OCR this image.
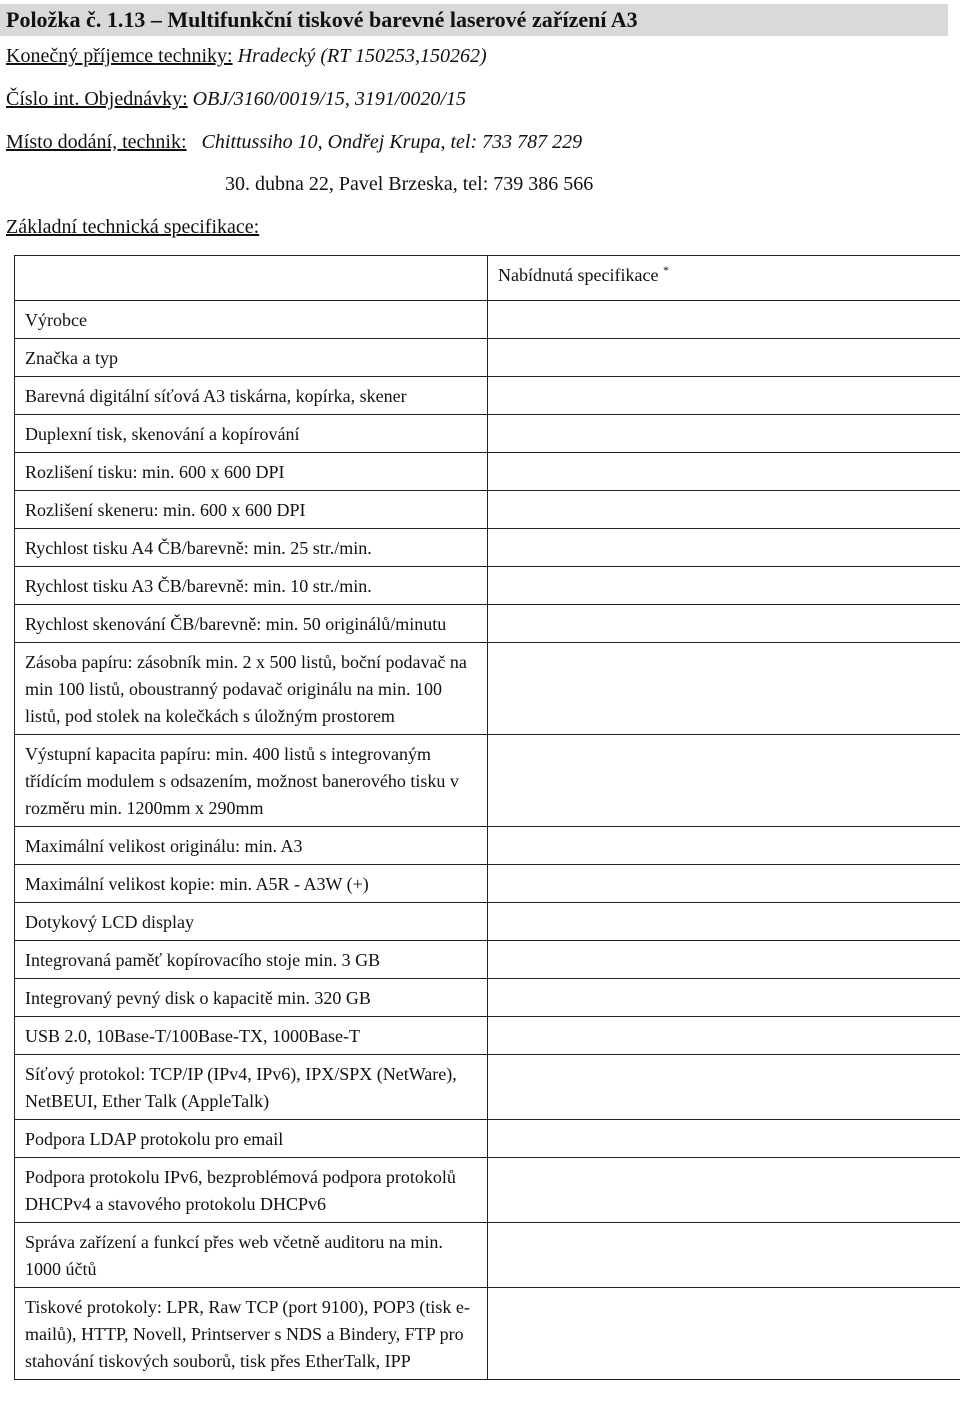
Položka č. 1.13 – Multifunkční tiskové barevné laserové zařízení A3
Konečný příjemce techniky: Hradecký (RT 150253,150262)
Číslo int. Objednávky: OBJ/3160/0019/15, 3191/0020/15
Místo dodání, technik: Chittussiho 10, Ondřej Krupa, tel: 733 787 229
30. dubna 22, Pavel Brzeska, tel: 739 386 566
Základní technická specifikace:
	Nabídnutá specifikace *
Výrobce	
Značka a typ	
Barevná digitální síťová A3 tiskárna, kopírka, skener	
Duplexní tisk, skenování a kopírování	
Rozlišení tisku: min. 600 x 600 DPI	
Rozlišení skeneru: min. 600 x 600 DPI	
Rychlost tisku A4 ČB/barevně: min. 25 str./min.	
Rychlost tisku A3 ČB/barevně: min. 10 str./min.	
Rychlost skenování ČB/barevně: min. 50 originálů/minutu	
Zásoba papíru: zásobník min. 2 x 500 listů, boční podavač na min 100 listů, oboustranný podavač originálu na min. 100 listů, pod stolek na kolečkách s úložným prostorem	
Výstupní kapacita papíru: min. 400 listů s integrovaným třídícím modulem s odsazením, možnost banerového tisku v rozměru min. 1200mm x 290mm	
Maximální velikost originálu: min. A3	
Maximální velikost kopie: min. A5R - A3W (+)	
Dotykový LCD display	
Integrovaná paměť kopírovacího stoje min. 3 GB	
Integrovaný pevný disk o kapacitě min. 320 GB	
USB 2.0, 10Base-T/100Base-TX, 1000Base-T	
Síťový protokol: TCP/IP (IPv4, IPv6), IPX/SPX (NetWare), NetBEUI, Ether Talk (AppleTalk)	
Podpora LDAP protokolu pro email	
Podpora protokolu IPv6, bezproblémová podpora protokolů DHCPv4 a stavového protokolu DHCPv6	
Správa zařízení a funkcí přes web včetně auditoru na min. 1000 účtů	
Tiskové protokoly: LPR, Raw TCP (port 9100), POP3 (tisk e-mailů), HTTP, Novell, Printserver s NDS a Bindery, FTP pro stahování tiskových souborů, tisk přes EtherTalk, IPP	
